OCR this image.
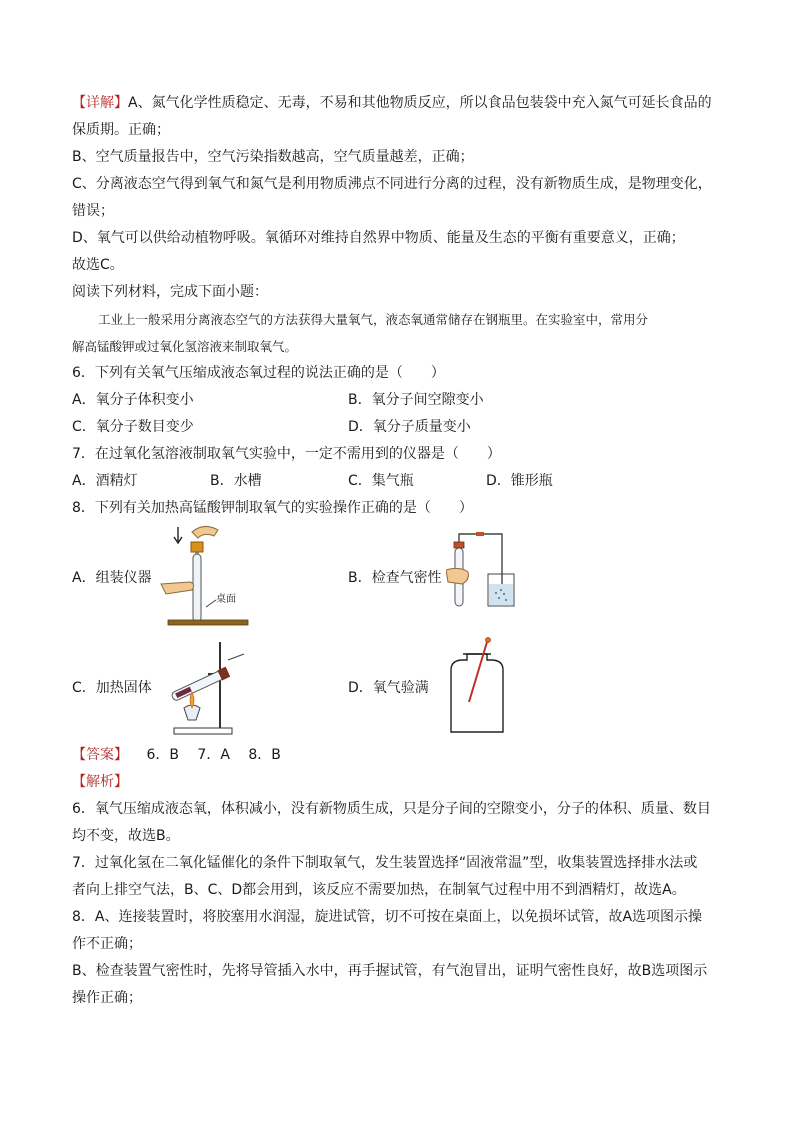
【详解】A、氮气化学性质稳定、无毒，不易和其他物质反应，所以食品包装袋中充入氮气可延长食品的
保质期。正确；
B、空气质量报告中，空气污染指数越高，空气质量越差，正确；
C、分离液态空气得到氧气和氮气是利用物质沸点不同进行分离的过程，没有新物质生成，是物理变化，
错误；
D、氧气可以供给动植物呼吸。氧循环对维持自然界中物质、能量及生态的平衡有重要意义，正确；
故选C。
阅读下列材料，完成下面小题：

工业上一般采用分离液态空气的方法获得大量氧气，液态氧通常储存在钢瓶里。在实验室中，常用分

解高锰酸钾或过氧化氢溶液来制取氧气。

6．下列有关氧气压缩成液态氧过程的说法正确的是（　　）
A．氧分子体积变小	B．氧分子间空隙变小
C．氧分子数目变少	D．氧分子质量变小
7．在过氧化氢溶液制取氧气实验中，一定不需用到的仪器是（　　）
A．酒精灯	B．水槽	C．集气瓶	D．锥形瓶
8．下列有关加热高锰酸钾制取氧气的实验操作正确的是（　　）
A．组装仪器
桌面
B．检查气密性
C．加热固体	D．氧气验满
【答案】 6．B 7．A 8．B
【解析】
6．氧气压缩成液态氧，体积减小，没有新物质生成，只是分子间的空隙变小，分子的体积、质量、数目
均不变，故选B。
7．过氧化氢在二氧化锰催化的条件下制取氧气，发生装置选择“固液常温”型，收集装置选择排水法或
者向上排空气法，B、C、D都会用到，该反应不需要加热，在制氧气过程中用不到酒精灯，故选A。
8．A、连接装置时，将胶塞用水润湿，旋进试管，切不可按在桌面上，以免损坏试管，故A选项图示操
作不正确；
B、检查装置气密性时，先将导管插入水中，再手握试管，有气泡冒出，证明气密性良好，故B选项图示
操作正确；
